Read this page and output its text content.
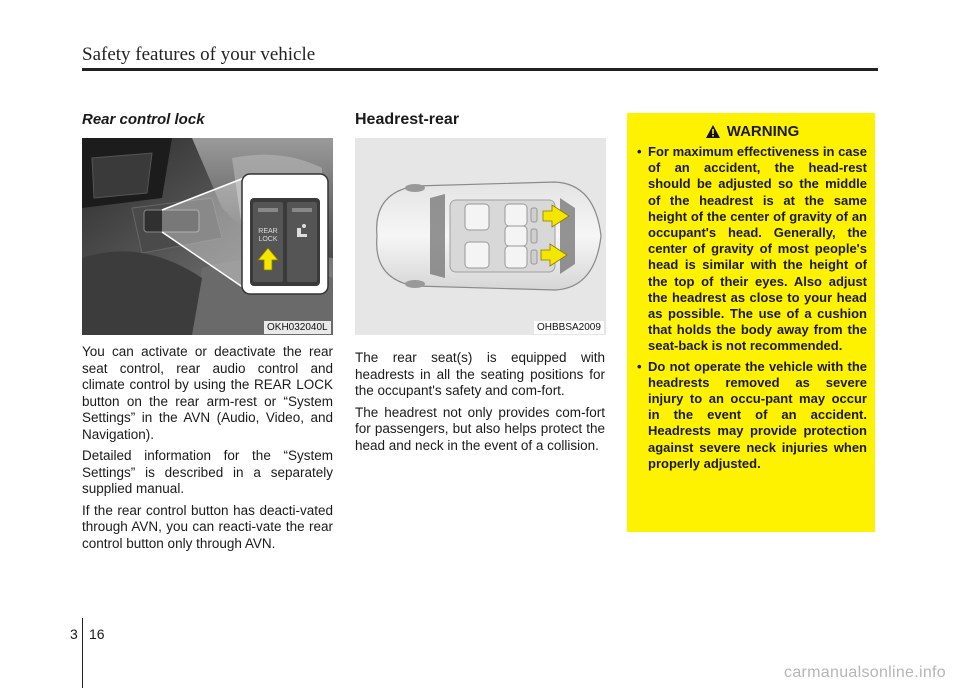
Safety features of your vehicle
Rear control lock
REAR
LOCK
OKH032040L

You can activate or deactivate the rear seat control, rear audio control and climate control by using the REAR LOCK button on the rear arm-rest or “System Settings” in the AVN (Audio, Video, and Navigation).

Detailed information for the “System Settings” is described in a separately supplied manual.

If the rear control button has deacti-vated through AVN, you can reacti-vate the rear control button only through AVN.

Headrest-rear
OHBBSA2009

The rear seat(s) is equipped with headrests in all the seating positions for the occupant's safety and com-fort.

The headrest not only provides com-fort for passengers, but also helps protect the head and neck in the event of a collision.

WARNING
• For maximum effectiveness in case of an accident, the head-rest should be adjusted so the middle of the headrest is at the same height of the center of gravity of an occupant's head. Generally, the center of gravity of most people's head is similar with the height of the top of their eyes. Also adjust the headrest as close to your head as possible. The use of a cushion that holds the body away from the seat-back is not recommended.
• Do not operate the vehicle with the headrests removed as severe injury to an occu-pant may occur in the event of an accident. Headrests may provide protection against severe neck injuries when properly adjusted.
3 16
carmanualsonline.info
